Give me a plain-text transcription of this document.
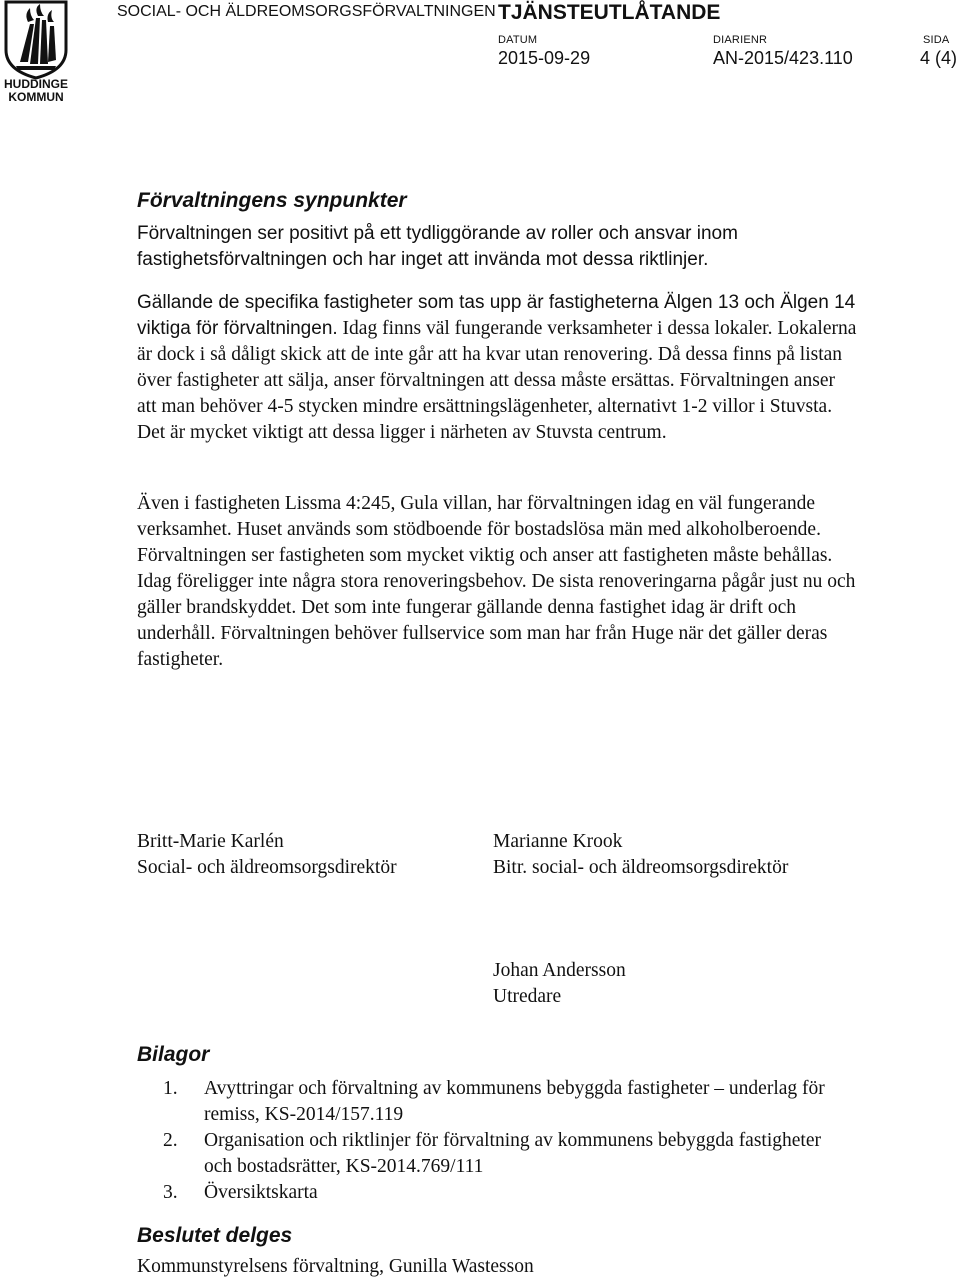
HUDDINGE
KOMMUN
SOCIAL- OCH ÄLDREOMSORGSFÖRVALTNINGEN TJÄNSTEUTLÅTANDE
DATUM
2015-09-29
DIARIENR
AN-2015/423.110
SIDA
4 (4)
Förvaltningens synpunkter
Förvaltningen ser positivt på ett tydliggörande av roller och ansvar inom fastighetsförvaltningen och har inget att invända mot dessa riktlinjer.
Gällande de specifika fastigheter som tas upp är fastigheterna Älgen 13 och Älgen 14 viktiga för förvaltningen. Idag finns väl fungerande verksamheter i dessa lokaler. Lokalerna är dock i så dåligt skick att de inte går att ha kvar utan renovering. Då dessa finns på listan över fastigheter att sälja, anser förvaltningen att dessa måste ersättas. Förvaltningen anser att man behöver 4-5 stycken mindre ersättningslägenheter, alternativt 1-2 villor i Stuvsta. Det är mycket viktigt att dessa ligger i närheten av Stuvsta centrum.
Även i fastigheten Lissma 4:245, Gula villan, har förvaltningen idag en väl fungerande verksamhet. Huset används som stödboende för bostadslösa män med alkoholberoende. Förvaltningen ser fastigheten som mycket viktig och anser att fastigheten måste behållas. Idag föreligger inte några stora renoveringsbehov. De sista renoveringarna pågår just nu och gäller brandskyddet. Det som inte fungerar gällande denna fastighet idag är drift och underhåll. Förvaltningen behöver fullservice som man har från Huge när det gäller deras fastigheter.
Britt-Marie Karlén
Social- och äldreomsorgsdirektör
Marianne Krook
Bitr. social- och äldreomsorgsdirektör
Johan Andersson
Utredare
Bilagor
1. Avyttringar och förvaltning av kommunens bebyggda fastigheter – underlag för remiss, KS-2014/157.119
2. Organisation och riktlinjer för förvaltning av kommunens bebyggda fastigheter och bostadsrätter, KS-2014.769/111
3. Översiktskarta
Beslutet delges
Kommunstyrelsens förvaltning, Gunilla Wastesson
